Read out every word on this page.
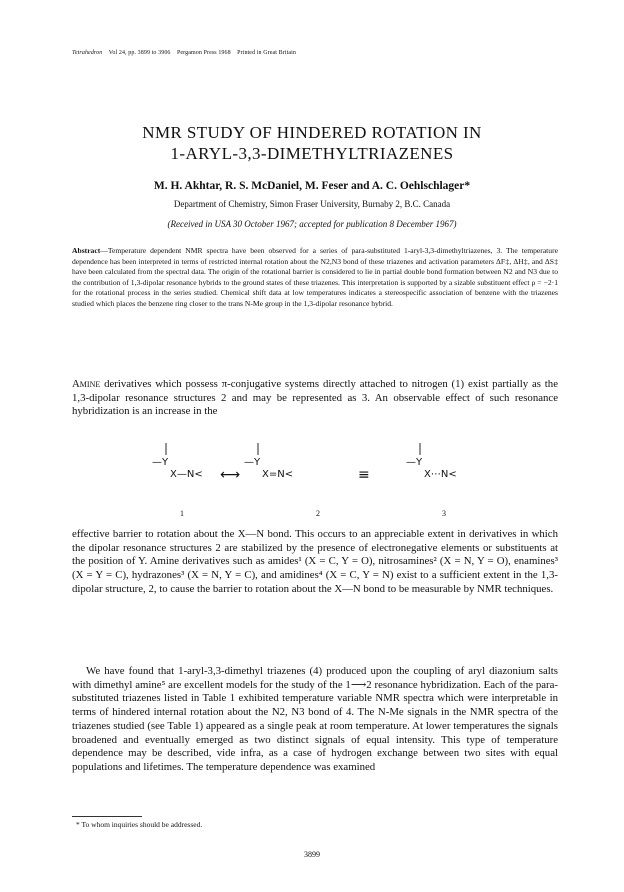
Tetrahedron Vol 24, pp. 3899 to 3906 Pergamon Press 1968 Printed in Great Britain
NMR STUDY OF HINDERED ROTATION IN
1-ARYL-3,3-DIMETHYLTRIAZENES
M. H. Akhtar, R. S. McDaniel, M. Feser and A. C. Oehlschlager*
Department of Chemistry, Simon Fraser University, Burnaby 2, B.C. Canada
(Received in USA 30 October 1967; accepted for publication 8 December 1967)
Abstract—Temperature dependent NMR spectra have been observed for a series of para-substituted 1-aryl-3,3-dimethyltriazenes, 3. The temperature dependence has been interpreted in terms of restricted internal rotation about the N2,N3 bond of these triazenes and activation parameters ΔF‡, ΔH‡, and ΔS‡ have been calculated from the spectral data. The origin of the rotational barrier is considered to lie in partial double bond formation between N2 and N3 due to the contribution of 1,3-dipolar resonance hybrids to the ground states of these triazenes. This interpretation is supported by a sizable substituent effect ρ = −2·1 for the rotational process in the series studied. Chemical shift data at low temperatures indicates a stereospecific association of benzene with the triazenes studied which places the benzene ring closer to the trans N-Me group in the 1,3-dipolar resonance hybrid.

Amine derivatives which possess π-conjugative systems directly attached to nitrogen (1) exist partially as the 1,3-dipolar resonance structures 2 and may be represented as 3. An observable effect of such resonance hybridization is an increase in the

—Y
X—N< ⟷
—Y
X=N<	≡
—Y
X⋯N<
1	2	3

effective barrier to rotation about the X—N bond. This occurs to an appreciable extent in derivatives in which the dipolar resonance structures 2 are stabilized by the presence of electronegative elements or substituents at the position of Y. Amine derivatives such as amides¹ (X = C, Y = O), nitrosamines² (X = N, Y = O), enamines³ (X = Y = C), hydrazones³ (X = N, Y = C), and amidines⁴ (X = C, Y = N) exist to a sufficient extent in the 1,3-dipolar structure, 2, to cause the barrier to rotation about the X—N bond to be measurable by NMR techniques.

We have found that 1-aryl-3,3-dimethyl triazenes (4) produced upon the coupling of aryl diazonium salts with dimethyl amine⁵ are excellent models for the study of the 1⟶2 resonance hybridization. Each of the para-substituted triazenes listed in Table 1 exhibited temperature variable NMR spectra which were interpretable in terms of hindered internal rotation about the N2, N3 bond of 4. The N-Me signals in the NMR spectra of the triazenes studied (see Table 1) appeared as a single peak at room temperature. At lower temperatures the signals broadened and eventually emerged as two distinct signals of equal intensity. This type of temperature dependence may be described, vide infra, as a case of hydrogen exchange between two sites with equal populations and lifetimes. The temperature dependence was examined

* To whom inquiries should be addressed.
3899
